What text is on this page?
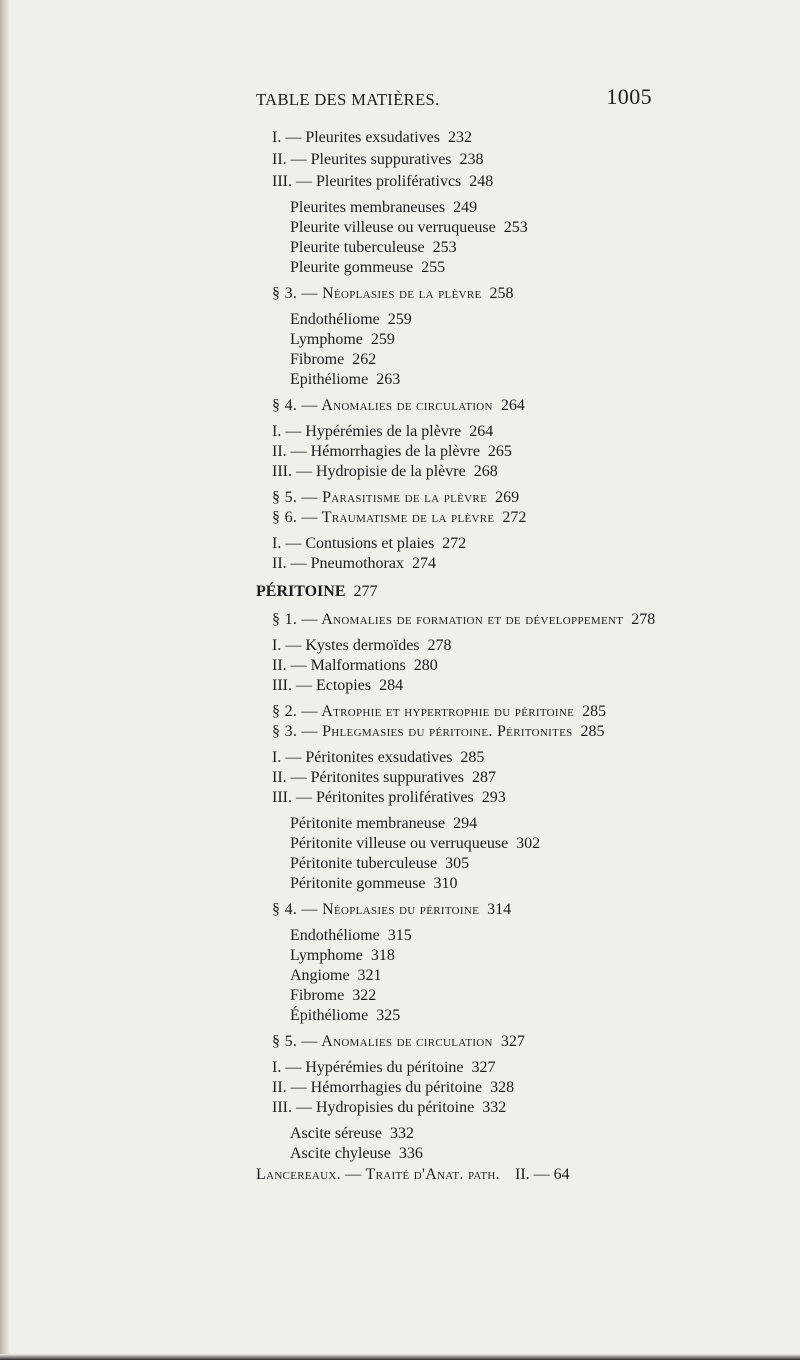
TABLE DES MATIÈRES.	1005
I. — Pleurites exsudatives 232
II. — Pleurites suppuratives 238
III. — Pleurites proliférativcs 248
Pleurites membraneuses 249
Pleurite villeuse ou verruqueuse 253
Pleurite tuberculeuse 253
Pleurite gommeuse 255
§ 3. — Néoplasies de la plèvre 258
Endothéliome 259
Lymphome 259
Fibrome 262
Epithéliome 263
§ 4. — Anomalies de circulation 264
I. — Hypérémies de la plèvre 264
II. — Hémorrhagies de la plèvre 265
III. — Hydropisie de la plèvre 268
§ 5. — Parasitisme de la plèvre 269
§ 6. — Traumatisme de la plèvre 272
I. — Contusions et plaies 272
II. — Pneumothorax 274
PÉRITOINE 277
§ 1. — Anomalies de formation et de développement 278
I. — Kystes dermoïdes 278
II. — Malformations 280
III. — Ectopies 284
§ 2. — Atrophie et hypertrophie du péritoine 285
§ 3. — Phlegmasies du péritoine. Péritonites 285
I. — Péritonites exsudatives 285
II. — Péritonites suppuratives 287
III. — Péritonites prolifératives 293
Péritonite membraneuse 294
Péritonite villeuse ou verruqueuse 302
Péritonite tuberculeuse 305
Péritonite gommeuse 310
§ 4. — Néoplasies du péritoine 314
Endothéliome 315
Lymphome 318
Angiome 321
Fibrome 322
Épithéliome 325
§ 5. — Anomalies de circulation 327
I. — Hypérémies du péritoine 327
II. — Hémorrhagies du péritoine 328
III. — Hydropisies du péritoine 332
Ascite séreuse 332
Ascite chyleuse 336
Lancereaux. — Traité d'Anat. path. II. — 64
